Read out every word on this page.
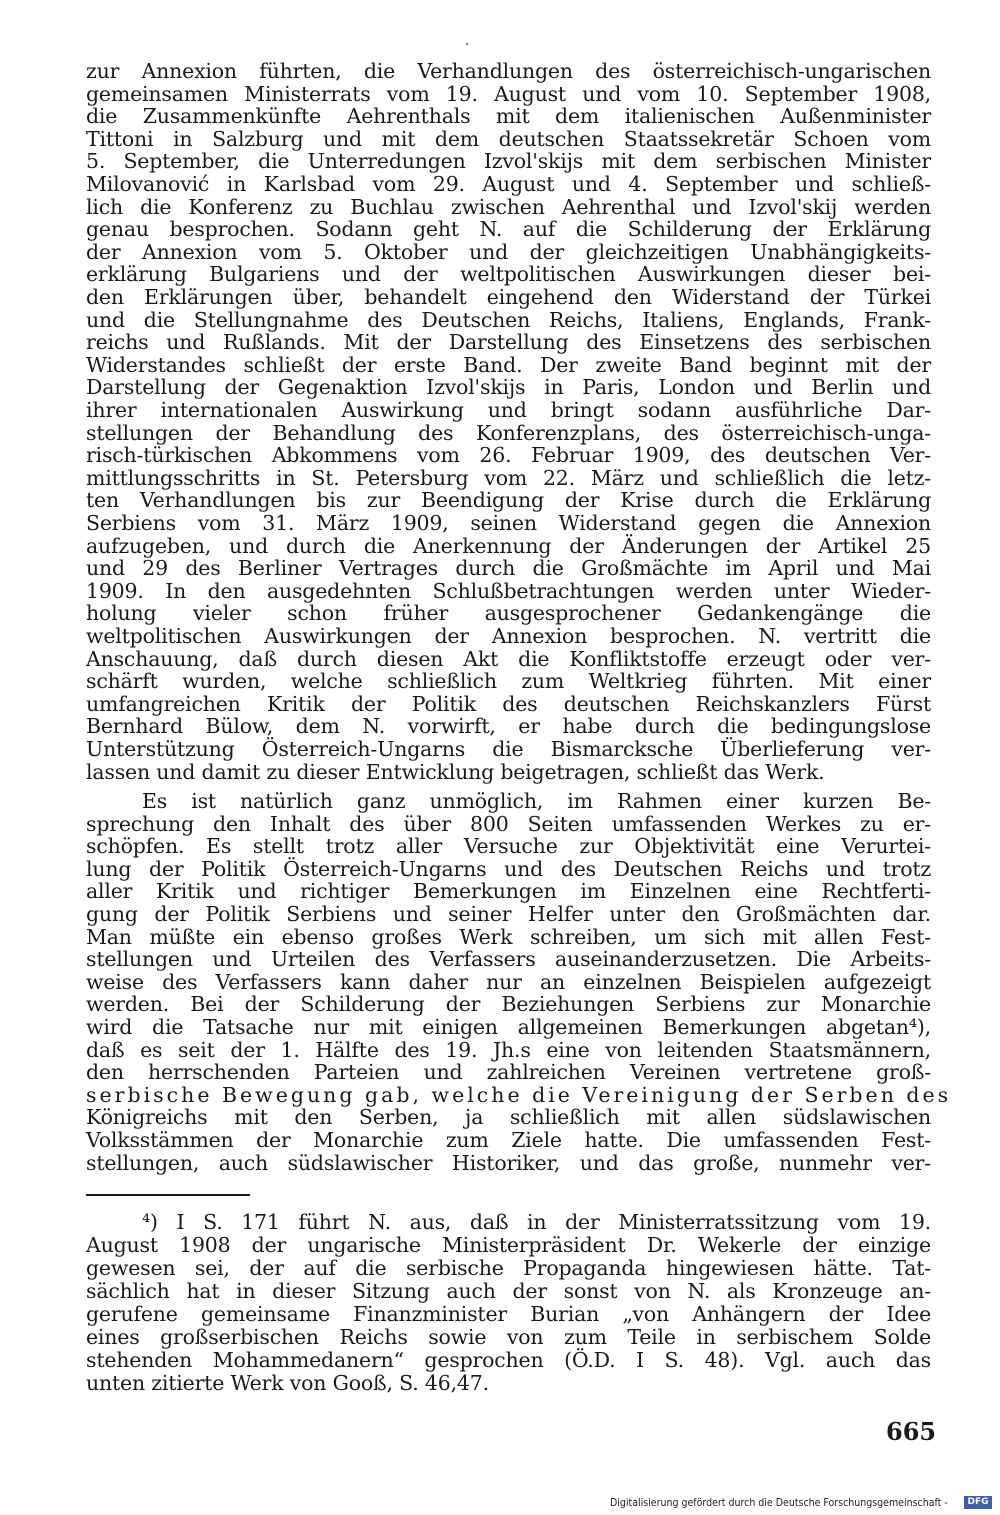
zur Annexion führten, die Verhandlungen des österreichisch-ungarischen
gemeinsamen Ministerrats vom 19. August und vom 10. September 1908,
die Zusammenkünfte Aehrenthals mit dem italienischen Außenminister
Tittoni in Salzburg und mit dem deutschen Staatssekretär Schoen vom
5. September, die Unterredungen Izvol'skijs mit dem serbischen Minister
Milovanović in Karlsbad vom 29. August und 4. September und schließ-
lich die Konferenz zu Buchlau zwischen Aehrenthal und Izvol'skij werden
genau besprochen. Sodann geht N. auf die Schilderung der Erklärung
der Annexion vom 5. Oktober und der gleichzeitigen Unabhängigkeits-
erklärung Bulgariens und der weltpolitischen Auswirkungen dieser bei-
den Erklärungen über, behandelt eingehend den Widerstand der Türkei
und die Stellungnahme des Deutschen Reichs, Italiens, Englands, Frank-
reichs und Rußlands. Mit der Darstellung des Einsetzens des serbischen
Widerstandes schließt der erste Band. Der zweite Band beginnt mit der
Darstellung der Gegenaktion Izvol'skijs in Paris, London und Berlin und
ihrer internationalen Auswirkung und bringt sodann ausführliche Dar-
stellungen der Behandlung des Konferenzplans, des österreichisch-unga-
risch-türkischen Abkommens vom 26. Februar 1909, des deutschen Ver-
mittlungsschritts in St. Petersburg vom 22. März und schließlich die letz-
ten Verhandlungen bis zur Beendigung der Krise durch die Erklärung
Serbiens vom 31. März 1909, seinen Widerstand gegen die Annexion
aufzugeben, und durch die Anerkennung der Änderungen der Artikel 25
und 29 des Berliner Vertrages durch die Großmächte im April und Mai
1909. In den ausgedehnten Schlußbetrachtungen werden unter Wieder-
holung vieler schon früher ausgesprochener Gedankengänge die
weltpolitischen Auswirkungen der Annexion besprochen. N. vertritt die
Anschauung, daß durch diesen Akt die Konfliktstoffe erzeugt oder ver-
schärft wurden, welche schließlich zum Weltkrieg führten. Mit einer
umfangreichen Kritik der Politik des deutschen Reichskanzlers Fürst
Bernhard Bülow, dem N. vorwirft, er habe durch die bedingungslose
Unterstützung Österreich-Ungarns die Bismarcksche Überlieferung ver-
lassen und damit zu dieser Entwicklung beigetragen, schließt das Werk.
Es ist natürlich ganz unmöglich, im Rahmen einer kurzen Be-
sprechung den Inhalt des über 800 Seiten umfassenden Werkes zu er-
schöpfen. Es stellt trotz aller Versuche zur Objektivität eine Verurtei-
lung der Politik Österreich-Ungarns und des Deutschen Reichs und trotz
aller Kritik und richtiger Bemerkungen im Einzelnen eine Rechtferti-
gung der Politik Serbiens und seiner Helfer unter den Großmächten dar.
Man müßte ein ebenso großes Werk schreiben, um sich mit allen Fest-
stellungen und Urteilen des Verfassers auseinanderzusetzen. Die Arbeits-
weise des Verfassers kann daher nur an einzelnen Beispielen aufgezeigt
werden. Bei der Schilderung der Beziehungen Serbiens zur Monarchie
wird die Tatsache nur mit einigen allgemeinen Bemerkungen abgetan⁴),
daß es seit der 1. Hälfte des 19. Jh.s eine von leitenden Staatsmännern,
den herrschenden Parteien und zahlreichen Vereinen vertretene groß-
serbische Bewegung gab, welche die Vereinigung der Serben des
Königreichs mit den Serben, ja schließlich mit allen südslawischen
Volksstämmen der Monarchie zum Ziele hatte. Die umfassenden Fest-
stellungen, auch südslawischer Historiker, und das große, nunmehr ver-
⁴) I S. 171 führt N. aus, daß in der Ministerratssitzung vom 19.
August 1908 der ungarische Ministerpräsident Dr. Wekerle der einzige
gewesen sei, der auf die serbische Propaganda hingewiesen hätte. Tat-
sächlich hat in dieser Sitzung auch der sonst von N. als Kronzeuge an-
gerufene gemeinsame Finanzminister Burian „von Anhängern der Idee
eines großserbischen Reichs sowie von zum Teile in serbischem Solde
stehenden Mohammedanern“ gesprochen (Ö.D. I S. 48). Vgl. auch das
unten zitierte Werk von Gooß, S. 46,47.
665
Digitalisierung gefördert durch die Deutsche Forschungsgemeinschaft -	DFG
